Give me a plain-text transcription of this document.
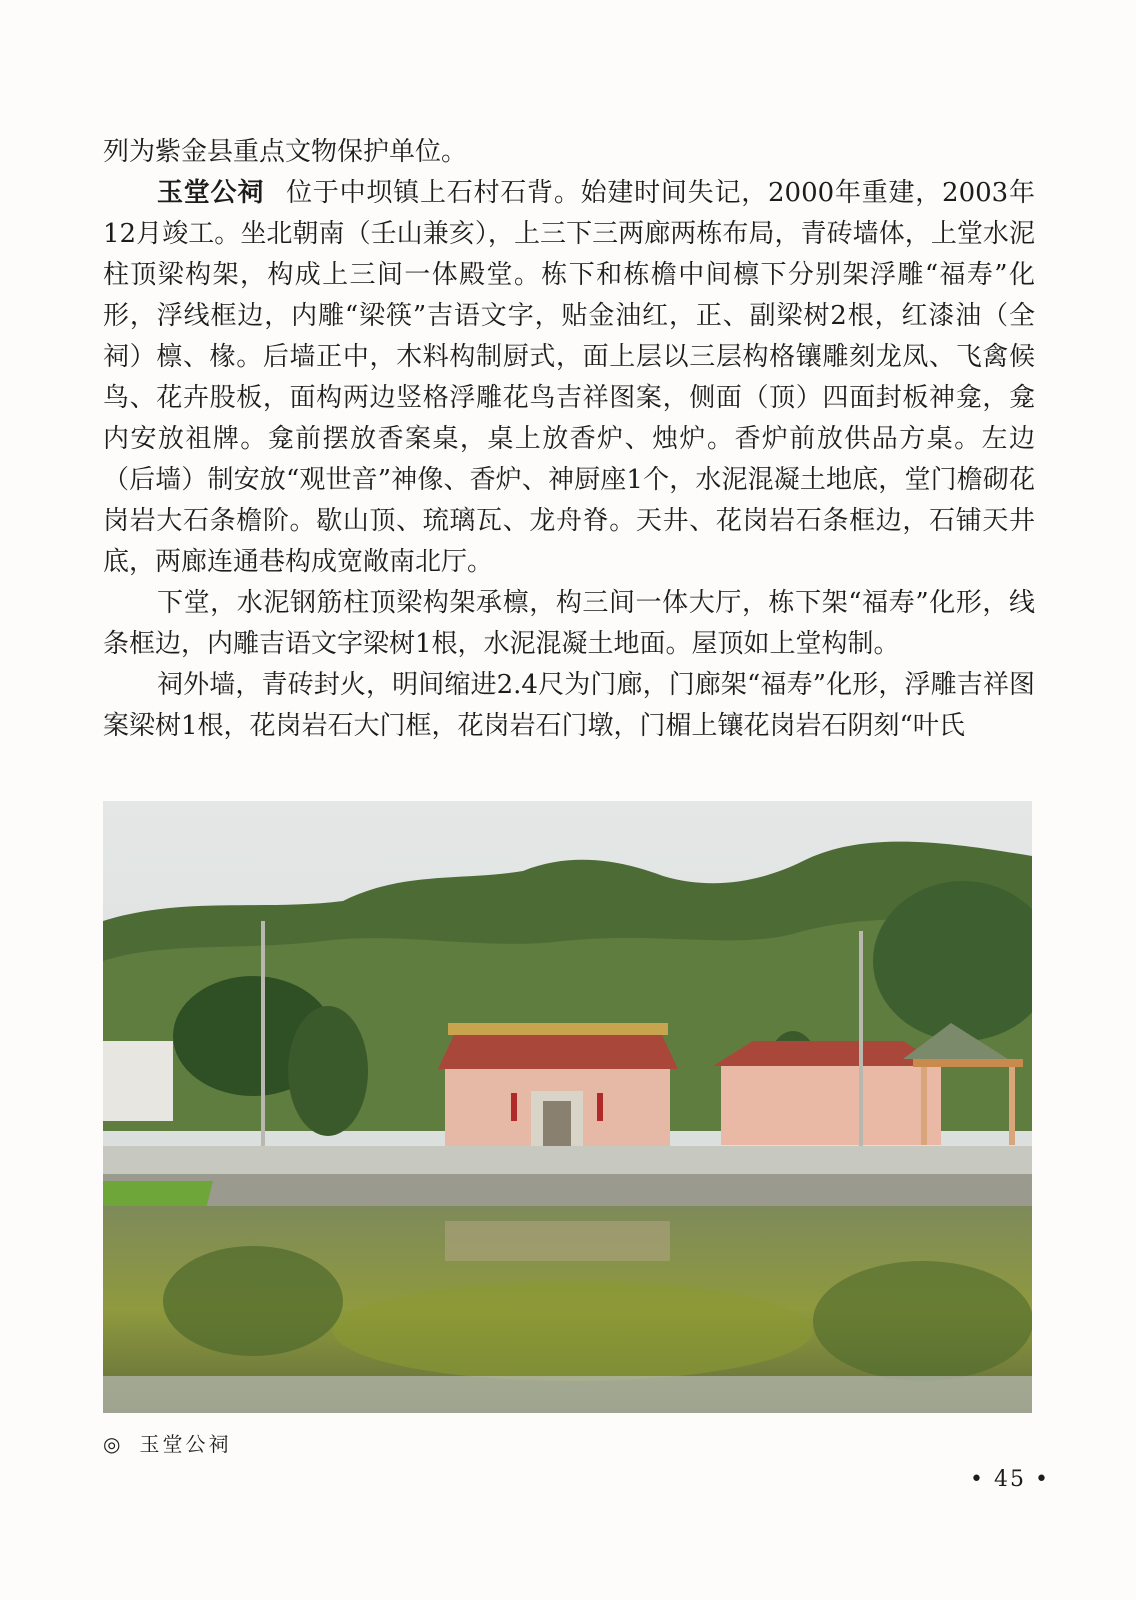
列为紫金县重点文物保护单位。

玉堂公祠 位于中坝镇上石村石背。始建时间失记，2000年重建，2003年12月竣工。坐北朝南（壬山兼亥），上三下三两廊两栋布局，青砖墙体，上堂水泥柱顶梁构架，构成上三间一体殿堂。栋下和栋檐中间檩下分别架浮雕“福寿”化形，浮线框边，内雕“梁筷”吉语文字，贴金油红，正、副梁树2根，红漆油（全祠）檩、椽。后墙正中，木料构制厨式，面上层以三层构格镶雕刻龙凤、飞禽候鸟、花卉股板，面构两边竖格浮雕花鸟吉祥图案，侧面（顶）四面封板神龛，龛内安放祖牌。龛前摆放香案桌，桌上放香炉、烛炉。香炉前放供品方桌。左边（后墙）制安放“观世音”神像、香炉、神厨座1个，水泥混凝土地底，堂门檐砌花岗岩大石条檐阶。歇山顶、琉璃瓦、龙舟脊。天井、花岗岩石条框边，石铺天井底，两廊连通巷构成宽敞南北厅。

下堂，水泥钢筋柱顶梁构架承檩，构三间一体大厅，栋下架“福寿”化形，线条框边，内雕吉语文字梁树1根，水泥混凝土地面。屋顶如上堂构制。

祠外墙，青砖封火，明间缩进2.4尺为门廊，门廊架“福寿”化形，浮雕吉祥图案梁树1根，花岗岩石大门框，花岗岩石门墩，门楣上镶花岗岩石阴刻“叶氏

◎ 玉堂公祠
• 45 •
